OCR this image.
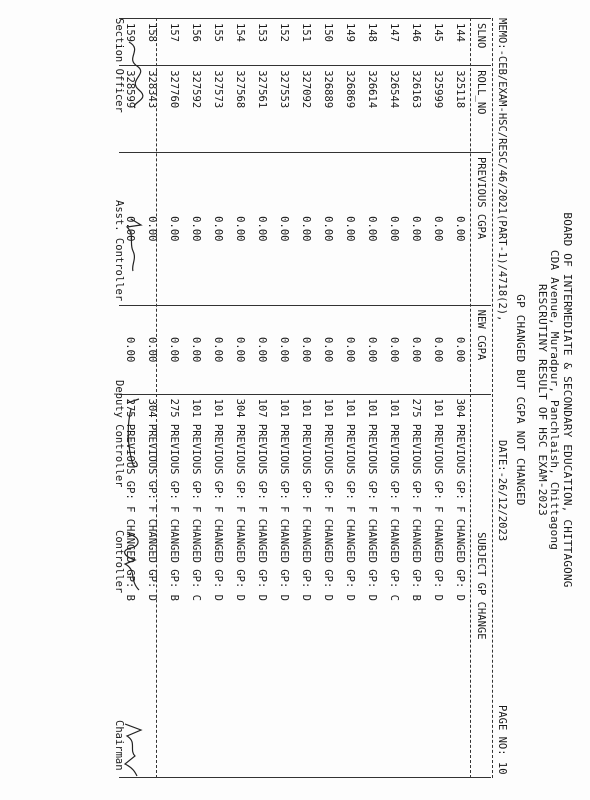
BOARD OF INTERMEDIATE & SECONDARY EDUCATION, CHITTAGONG
CDA Avenue, Muradpur, Panchlaish, Chittagong
RESCRUTINY RESULT OF HSC EXAM-2023
GP CHANGED BUT CGPA NOT CHANGED
MEMO:-CEB/EXAM-HSC/RESC/46/2021(PART-1)/4718(2),
DATE:-26/12/2023
PAGE NO: 10
SLNO	ROLL_NO	PREVIOUS CGPA	NEW CGPA	SUBJECT GP CHANGE
144	325118	0.00	0.00	304 PREVIOUS GP: F CHANGED GP: D
145	325999	0.00	0.00	101 PREVIOUS GP: F CHANGED GP: D
146	326163	0.00	0.00	275 PREVIOUS GP: F CHANGED GP: B
147	326544	0.00	0.00	101 PREVIOUS GP: F CHANGED GP: C
148	326614	0.00	0.00	101 PREVIOUS GP: F CHANGED GP: D
149	326869	0.00	0.00	101 PREVIOUS GP: F CHANGED GP: D
150	326889	0.00	0.00	101 PREVIOUS GP: F CHANGED GP: D
151	327092	0.00	0.00	101 PREVIOUS GP: F CHANGED GP: D
152	327553	0.00	0.00	101 PREVIOUS GP: F CHANGED GP: D
153	327561	0.00	0.00	107 PREVIOUS GP: F CHANGED GP: D
154	327568	0.00	0.00	304 PREVIOUS GP: F CHANGED GP: D
155	327573	0.00	0.00	101 PREVIOUS GP: F CHANGED GP: D
156	327592	0.00	0.00	101 PREVIOUS GP: F CHANGED GP: C
157	327760	0.00	0.00	275 PREVIOUS GP: F CHANGED GP: B
158	328343	0.00	0.00	304 PREVIOUS GP: F CHANGED GP: D
159	328599	0.00	0.00	275 PREVIOUS GP: F CHANGED GP: B
Section Officer
Asst. Controller
Deputy Controller
Controller
Chairman
